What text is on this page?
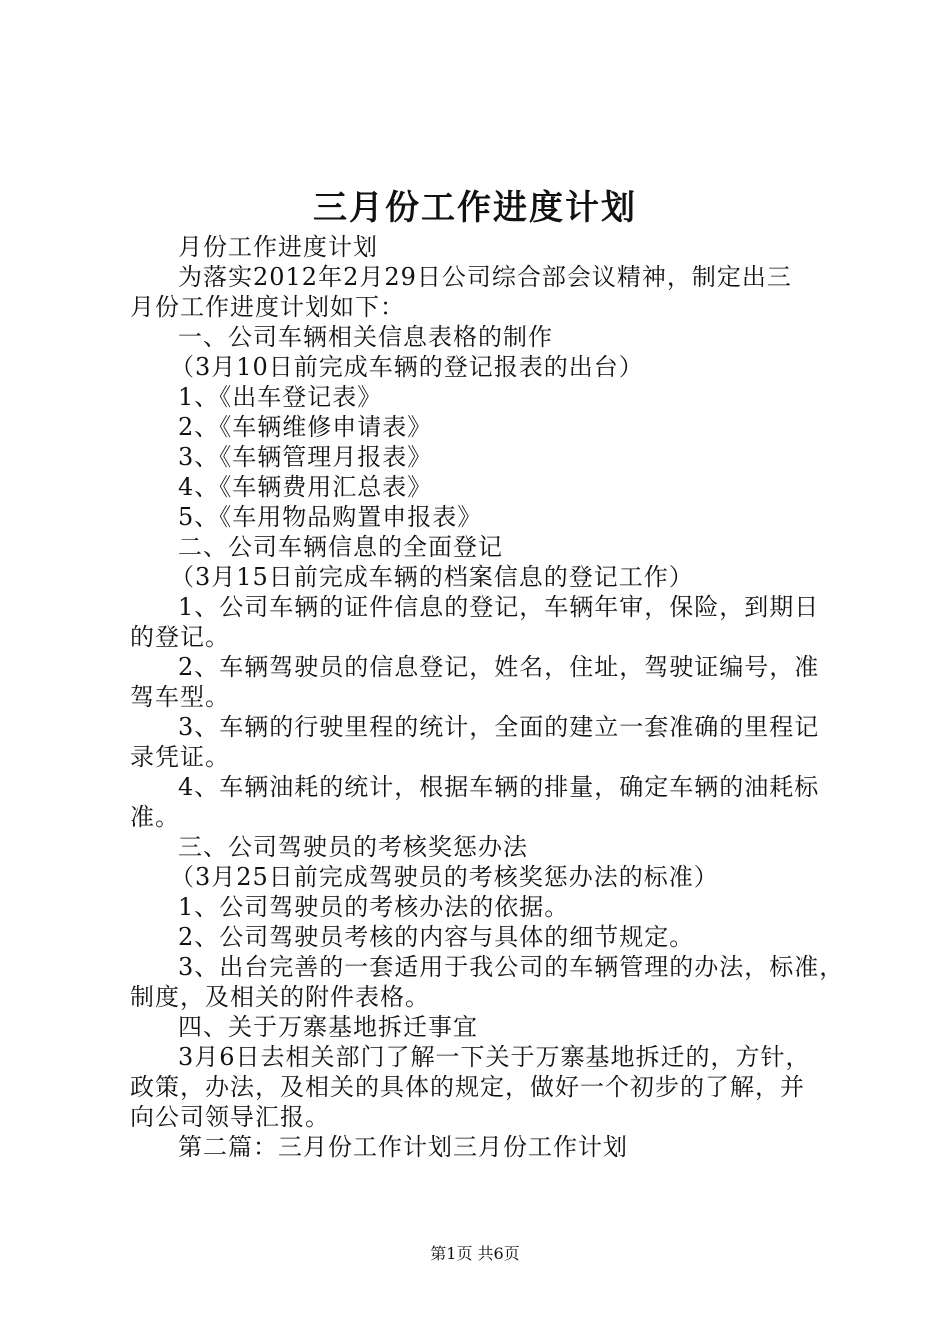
三月份工作进度计划
月份工作进度计划
为落实2012年2月29日公司综合部会议精神，制定出三
月份工作进度计划如下：
一、公司车辆相关信息表格的制作
（3月10日前完成车辆的登记报表的出台）
1、《出车登记表》
2、《车辆维修申请表》
3、《车辆管理月报表》
4、《车辆费用汇总表》
5、《车用物品购置申报表》
二、公司车辆信息的全面登记
（3月15日前完成车辆的档案信息的登记工作）
1、公司车辆的证件信息的登记，车辆年审，保险，到期日
的登记。
2、车辆驾驶员的信息登记，姓名，住址，驾驶证编号，准
驾车型。
3、车辆的行驶里程的统计，全面的建立一套准确的里程记
录凭证。
4、车辆油耗的统计，根据车辆的排量，确定车辆的油耗标
准。
三、公司驾驶员的考核奖惩办法
（3月25日前完成驾驶员的考核奖惩办法的标准）
1、公司驾驶员的考核办法的依据。
2、公司驾驶员考核的内容与具体的细节规定。
3、出台完善的一套适用于我公司的车辆管理的办法，标准，
制度，及相关的附件表格。
四、关于万寨基地拆迁事宜
3月6日去相关部门了解一下关于万寨基地拆迁的，方针，
政策，办法，及相关的具体的规定，做好一个初步的了解，并
向公司领导汇报。
第二篇：三月份工作计划三月份工作计划
第1页 共6页
